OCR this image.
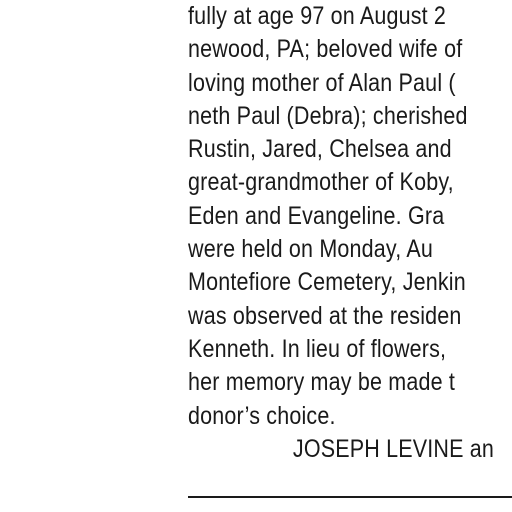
fully at age 97 on August 2
newood, PA; beloved wife of
loving mother of Alan Paul (
neth Paul (Debra); cherished
Rustin, Jared, Chelsea and
great-grandmother of Koby,
Eden and Evangeline. Gra
were held on Monday, Au
Montefiore Cemetery, Jenkin
was observed at the residen
Kenneth. In lieu of flowers,
her memory may be made t
donor’s choice.
JOSEPH LEVINE an
